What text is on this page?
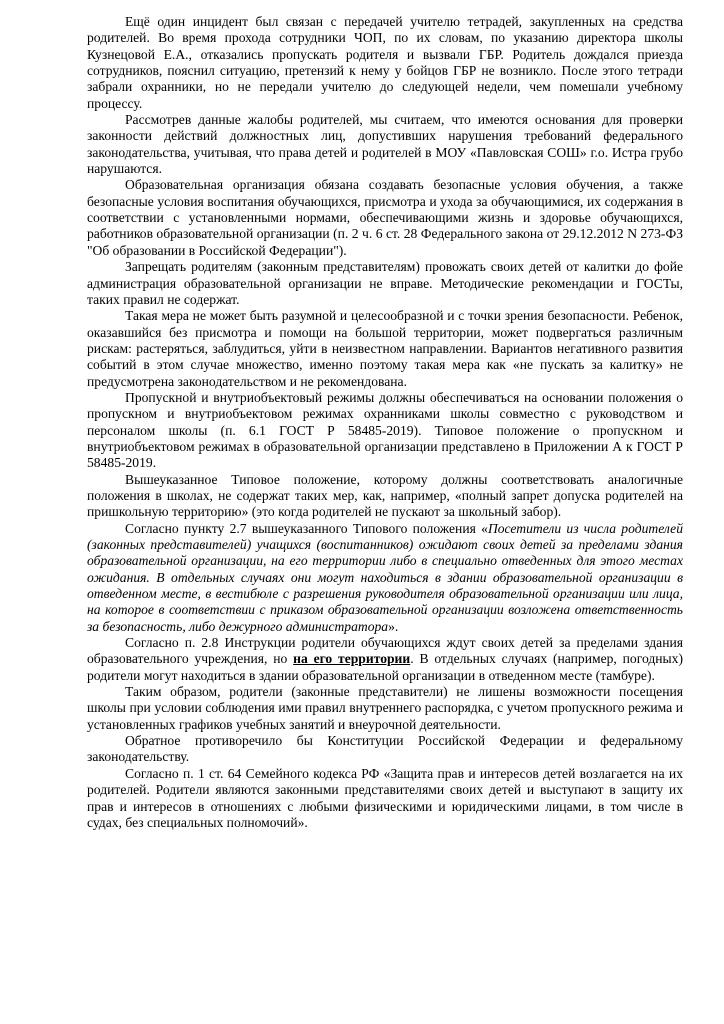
Ещё один инцидент был связан с передачей учителю тетрадей, закупленных на средства родителей. Во время прохода сотрудники ЧОП, по их словам, по указанию директора школы Кузнецовой Е.А., отказались пропускать родителя и вызвали ГБР. Родитель дождался приезда сотрудников, пояснил ситуацию, претензий к нему у бойцов ГБР не возникло. После этого тетради забрали охранники, но не передали учителю до следующей недели, чем помешали учебному процессу.

Рассмотрев данные жалобы родителей, мы считаем, что имеются основания для проверки законности действий должностных лиц, допустивших нарушения требований федерального законодательства, учитывая, что права детей и родителей в МОУ «Павловская СОШ» г.о. Истра грубо нарушаются.

Образовательная организация обязана создавать безопасные условия обучения, а также безопасные условия воспитания обучающихся, присмотра и ухода за обучающимися, их содержания в соответствии с установленными нормами, обеспечивающими жизнь и здоровье обучающихся, работников образовательной организации (п. 2 ч. 6 ст. 28 Федерального закона от 29.12.2012 N 273-ФЗ "Об образовании в Российской Федерации").

Запрещать родителям (законным представителям) провожать своих детей от калитки до фойе администрация образовательной организации не вправе. Методические рекомендации и ГОСТы, таких правил не содержат.

Такая мера не может быть разумной и целесообразной и с точки зрения безопасности. Ребенок, оказавшийся без присмотра и помощи на большой территории, может подвергаться различным рискам: растеряться, заблудиться, уйти в неизвестном направлении. Вариантов негативного развития событий в этом случае множество, именно поэтому такая мера как «не пускать за калитку» не предусмотрена законодательством и не рекомендована.

Пропускной и внутриобъектовый режимы должны обеспечиваться на основании положения о пропускном и внутриобъектовом режимах охранниками школы совместно с руководством и персоналом школы (п. 6.1 ГОСТ Р 58485-2019). Типовое положение о пропускном и внутриобъектовом режимах в образовательной организации представлено в Приложении А к ГОСТ Р 58485-2019.

Вышеуказанное Типовое положение, которому должны соответствовать аналогичные положения в школах, не содержат таких мер, как, например, «полный запрет допуска родителей на пришкольную территорию» (это когда родителей не пускают за школьный забор).

Согласно пункту 2.7 вышеуказанного Типового положения «Посетители из числа родителей (законных представителей) учащихся (воспитанников) ожидают своих детей за пределами здания образовательной организации, на его территории либо в специально отведенных для этого местах ожидания. В отдельных случаях они могут находиться в здании образовательной организации в отведенном месте, в вестибюле с разрешения руководителя образовательной организации или лица, на которое в соответствии с приказом образовательной организации возложена ответственность за безопасность, либо дежурного администратора».

Согласно п. 2.8 Инструкции родители обучающихся ждут своих детей за пределами здания образовательного учреждения, но на его территории. В отдельных случаях (например, погодных) родители могут находиться в здании образовательной организации в отведенном месте (тамбуре).

Таким образом, родители (законные представители) не лишены возможности посещения школы при условии соблюдения ими правил внутреннего распорядка, с учетом пропускного режима и установленных графиков учебных занятий и внеурочной деятельности.

Обратное противоречило бы Конституции Российской Федерации и федеральному законодательству.

Согласно п. 1 ст. 64 Семейного кодекса РФ «Защита прав и интересов детей возлагается на их родителей. Родители являются законными представителями своих детей и выступают в защиту их прав и интересов в отношениях с любыми физическими и юридическими лицами, в том числе в судах, без специальных полномочий».
